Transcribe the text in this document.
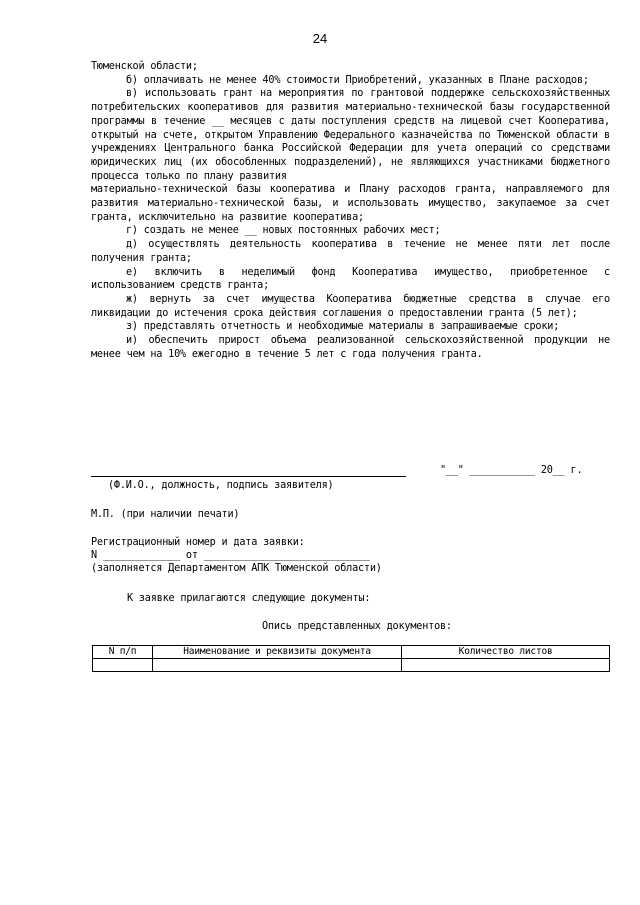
24

Тюменской области;

б) оплачивать не менее 40% стоимости Приобретений, указанных в Плане расходов;

в) использовать грант на мероприятия по грантовой поддержке сельскохозяйственных потребительских кооперативов для развития материально-технической базы государственной программы в течение __ месяцев с даты поступления средств на лицевой счет Кооператива, открытый на счете, открытом Управлению Федерального казначейства по Тюменской области в учреждениях Центрального банка Российской Федерации для учета операций со средствами юридических лиц (их обособленных подразделений), не являющихся участниками бюджетного процесса только по плану развития

материально-технической базы кооператива и Плану расходов гранта, направляемого для развития материально-технической базы, и использовать имущество, закупаемое за счет гранта, исключительно на развитие кооператива;

г) создать не менее __ новых постоянных рабочих мест;

д) осуществлять деятельность кооператива в течение не менее пяти лет после получения гранта;

е) включить в неделимый фонд Кооператива имущество, приобретенное с использованием средств гранта;

ж) вернуть за счет имущества Кооператива бюджетные средства в случае его ликвидации до истечения срока действия соглашения о предоставлении гранта (5 лет);

з) представлять отчетность и необходимые материалы в запрашиваемые сроки;

и) обеспечить прирост объема реализованной сельскохозяйственной продукции не менее чем на 10% ежегодно в течение 5 лет с года получения гранта.

"__" ___________ 20__ г.
(Ф.И.О., должность, подпись заявителя)
М.П. (при наличии печати)
Регистрационный номер и дата заявки:
N _____________ от ____________________________
(заполняется Департаментом АПК Тюменской области)
К заявке прилагаются следующие документы:
Опись представленных документов:
N п/п	Наименование и реквизиты документа	Количество листов
